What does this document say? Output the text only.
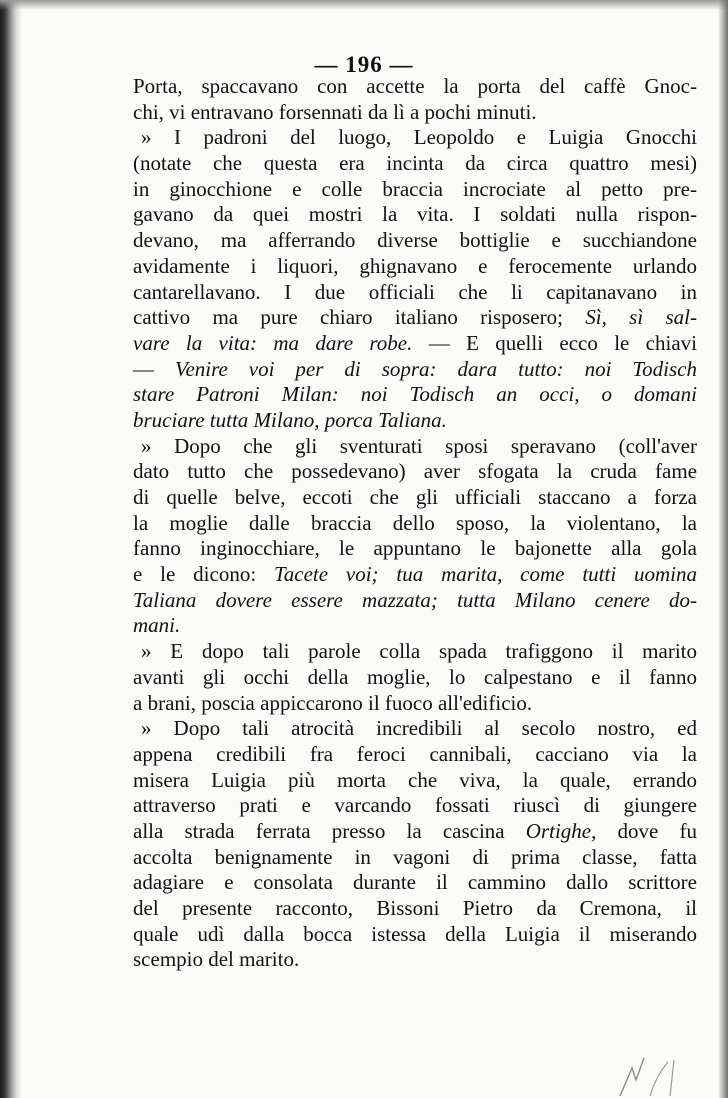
— 196 —
Porta, spaccavano con accette la porta del caffè Gnoc-
chi, vi entravano forsennati da lì a pochi minuti.
» I padroni del luogo, Leopoldo e Luigia Gnocchi
(notate che questa era incinta da circa quattro mesi)
in ginocchione e colle braccia incrociate al petto pre-
gavano da quei mostri la vita. I soldati nulla rispon-
devano, ma afferrando diverse bottiglie e succhiandone
avidamente i liquori, ghignavano e ferocemente urlando
cantarellavano. I due officiali che li capitanavano in
cattivo ma pure chiaro italiano risposero; Sì, sì sal-
vare la vita: ma dare robe. — E quelli ecco le chiavi
— Venire voi per di sopra: dara tutto: noi Todisch
stare Patroni Milan: noi Todisch an occi, o domani
bruciare tutta Milano, porca Taliana.
» Dopo che gli sventurati sposi speravano (coll'aver
dato tutto che possedevano) aver sfogata la cruda fame
di quelle belve, eccoti che gli ufficiali staccano a forza
la moglie dalle braccia dello sposo, la violentano, la
fanno inginocchiare, le appuntano le bajonette alla gola
e le dicono: Tacete voi; tua marita, come tutti uomina
Taliana dovere essere mazzata; tutta Milano cenere do-
mani.
» E dopo tali parole colla spada trafiggono il marito
avanti gli occhi della moglie, lo calpestano e il fanno
a brani, poscia appiccarono il fuoco all'edificio.
» Dopo tali atrocità incredibili al secolo nostro, ed
appena credibili fra feroci cannibali, cacciano via la
misera Luigia più morta che viva, la quale, errando
attraverso prati e varcando fossati riuscì di giungere
alla strada ferrata presso la cascina Ortighe, dove fu
accolta benignamente in vagoni di prima classe, fatta
adagiare e consolata durante il cammino dallo scrittore
del presente racconto, Bissoni Pietro da Cremona, il
quale udì dalla bocca istessa della Luigia il miserando
scempio del marito.
